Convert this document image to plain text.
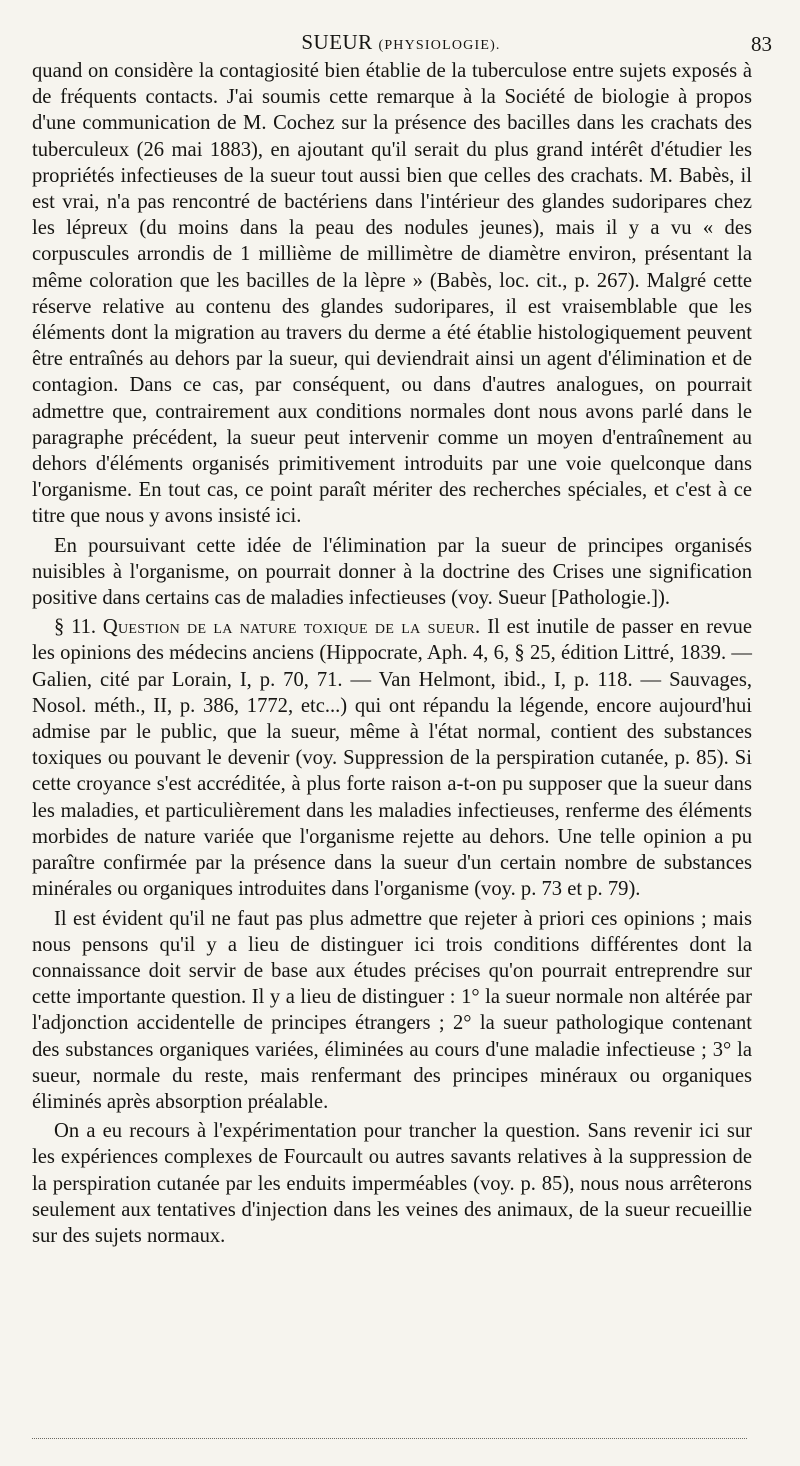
SUEUR (PHYSIOLOGIE).	83

quand on considère la contagiosité bien établie de la tuberculose entre sujets exposés à de fréquents contacts. J'ai soumis cette remarque à la Société de biologie à propos d'une communication de M. Cochez sur la présence des bacilles dans les crachats des tuberculeux (26 mai 1883), en ajoutant qu'il serait du plus grand intérêt d'étudier les propriétés infectieuses de la sueur tout aussi bien que celles des crachats. M. Babès, il est vrai, n'a pas rencontré de bactériens dans l'intérieur des glandes sudoripares chez les lépreux (du moins dans la peau des nodules jeunes), mais il y a vu « des corpuscules arrondis de 1 millième de millimètre de diamètre environ, présentant la même coloration que les bacilles de la lèpre » (Babès, loc. cit., p. 267). Malgré cette réserve relative au contenu des glandes sudoripares, il est vraisemblable que les éléments dont la migration au travers du derme a été établie histologiquement peuvent être entraînés au dehors par la sueur, qui deviendrait ainsi un agent d'élimination et de contagion. Dans ce cas, par conséquent, ou dans d'autres analogues, on pourrait admettre que, contrairement aux conditions normales dont nous avons parlé dans le paragraphe précédent, la sueur peut intervenir comme un moyen d'entraînement au dehors d'éléments organisés primitivement introduits par une voie quelconque dans l'organisme. En tout cas, ce point paraît mériter des recherches spéciales, et c'est à ce titre que nous y avons insisté ici.

En poursuivant cette idée de l'élimination par la sueur de principes organisés nuisibles à l'organisme, on pourrait donner à la doctrine des Crises une signification positive dans certains cas de maladies infectieuses (voy. Sueur [Pathologie.]).

§ 11. Question de la nature toxique de la sueur. Il est inutile de passer en revue les opinions des médecins anciens (Hippocrate, Aph. 4, 6, § 25, édition Littré, 1839. — Galien, cité par Lorain, I, p. 70, 71. — Van Helmont, ibid., I, p. 118. — Sauvages, Nosol. méth., II, p. 386, 1772, etc...) qui ont répandu la légende, encore aujourd'hui admise par le public, que la sueur, même à l'état normal, contient des substances toxiques ou pouvant le devenir (voy. Suppression de la perspiration cutanée, p. 85). Si cette croyance s'est accréditée, à plus forte raison a-t-on pu supposer que la sueur dans les maladies, et particulièrement dans les maladies infectieuses, renferme des éléments morbides de nature variée que l'organisme rejette au dehors. Une telle opinion a pu paraître confirmée par la présence dans la sueur d'un certain nombre de substances minérales ou organiques introduites dans l'organisme (voy. p. 73 et p. 79).

Il est évident qu'il ne faut pas plus admettre que rejeter à priori ces opinions ; mais nous pensons qu'il y a lieu de distinguer ici trois conditions différentes dont la connaissance doit servir de base aux études précises qu'on pourrait entreprendre sur cette importante question. Il y a lieu de distinguer : 1° la sueur normale non altérée par l'adjonction accidentelle de principes étrangers ; 2° la sueur pathologique contenant des substances organiques variées, éliminées au cours d'une maladie infectieuse ; 3° la sueur, normale du reste, mais renfermant des principes minéraux ou organiques éliminés après absorption préalable.

On a eu recours à l'expérimentation pour trancher la question. Sans revenir ici sur les expériences complexes de Fourcault ou autres savants relatives à la suppression de la perspiration cutanée par les enduits imperméables (voy. p. 85), nous nous arrêterons seulement aux tentatives d'injection dans les veines des animaux, de la sueur recueillie sur des sujets normaux.
